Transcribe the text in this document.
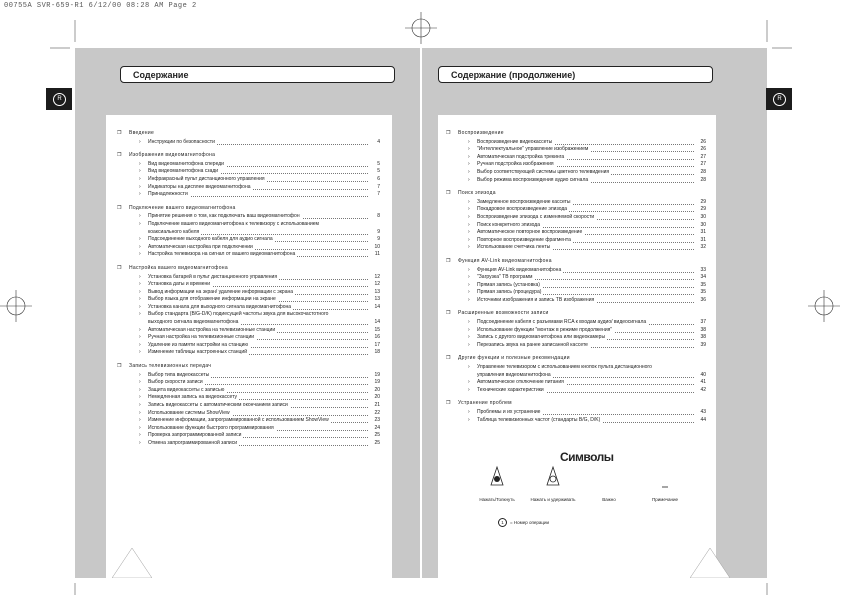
00755A SVR-659-R1 6/12/00 08:28 AM Page 2
Содержание	Содержание (продолжение)
R	R
❐ Введение
› Инструкции по безопасности	4
❐ Изображения видеомагнитофона
› Вид видеомагнитофона спереди	5
› Вид видеомагнитофона сзади	5
› Инфракрасный пульт дистанционного управления	6
› Индикаторы на дисплее видеомагнитофона	7
› Принадлежности	7
❐ Подключение вашего видеомагнитофона
› Принятие решения о том, как подключать ваш видеомагнитофон	8
› Подключение вашего видеомагнитофона к телевизору с использованием
коаксиального кабеля	9
› Подсоединение выходного кабеля для аудио сигнала	9
› Автоматическая настройка при подключении	10
› Настройка телевизора на сигнал от вашего видеомагнитофона	11
❐ Настройка вашего видеомагнитофона
› Установка батарей в пульт дистанционного управления	12
› Установка даты и времени	12
› Вывод информации на экран/ удаление информации с экрана	13
› Выбор языка для отображение информации на экране	13
› Установка канала для выходного сигнала видеомагнитофона	14
› Выбор стандарта (B/G-D/K) подиесущей частоты звука для высокочастотного
выходного сигнала видеомагнитофона	14
› Автоматическая настройка на телевизионные станции	15
› Ручная настройка на телевизионные станции	16
› Удаление из памяти настройки на станцию	17
› Изменение таблицы настроенных станций	18
❐ Запись телевизионных передач
› Выбор типа видеокассеты	19
› Выбор скорости записи	19
› Защита видеокассеты с записью	20
› Немедленная запись на видеокассету	20
› Запись видеокассеты с автоматическим окончанием записи	21
› Использование системы ShowView	22
› Изменение информации, запрограммированной с использованием ShowView	23
› Использование функции быстрого программирования	24
› Проверка запрограммированной записи	25
› Отмена запрограммированной записи	25
❐ Воспроизведение
› Воспроизведение видеокассеты	26
› "Интеллектуальное" управление изображением	26
› Автоматическая подстройка трекинга	27
› Ручная подстройка изображения	27
› Выбор соответствующей системы цветного телевидения	28
› Выбор режима воспроизведения аудио сигнала	28
❐ Поиск эпизода
› Замедленное воспроизведение кассеты	29
› Покадровое воспроизведение эпизода	29
› Воспроизведение эпизода с изменяемой скорости	30
› Поиск конкретного эпизода	30
› Автоматическое повторное воспроизведение	31
› Повторное воспроизведение фрагмента	31
› Использование счетчика ленты	32
❐ Функция AV-Link видеомагнитофона
› Функция AV-Link видеомагнитофона	33
› "Загрузка" ТВ программ	34
› Прямая запись (установка)	35
› Прямая запись (процедура)	35
› Источники изображения и запись ТВ изображения	36
❐ Расширенные возможности записи
› Подсоединение кабеля с разъемами RCA к входам аудио/ видеосигнала	37
› Использование функции "монтаж в режиме продолжения"	38
› Запись с другого видеомагнитофона или видеокамеры	38
› Перезапись звука на ранее записанной кассете	39
❐ Другие функции и полезные рекомендации
› Управление телевизором с использованием кнопок пульта дистанционного
управления видеомагнитофона	40
› Автоматическое отключение питания	41
› Технические характеристики	42
❐ Устранение проблем
› Проблемы и их устранение	43
› Таблица телевизионных частот (стандарты B/G, D/K)	44
Символы
Нажать/Толкнуть	Нажать и удерживать	Важно	Примечание
1 = Номер операции
